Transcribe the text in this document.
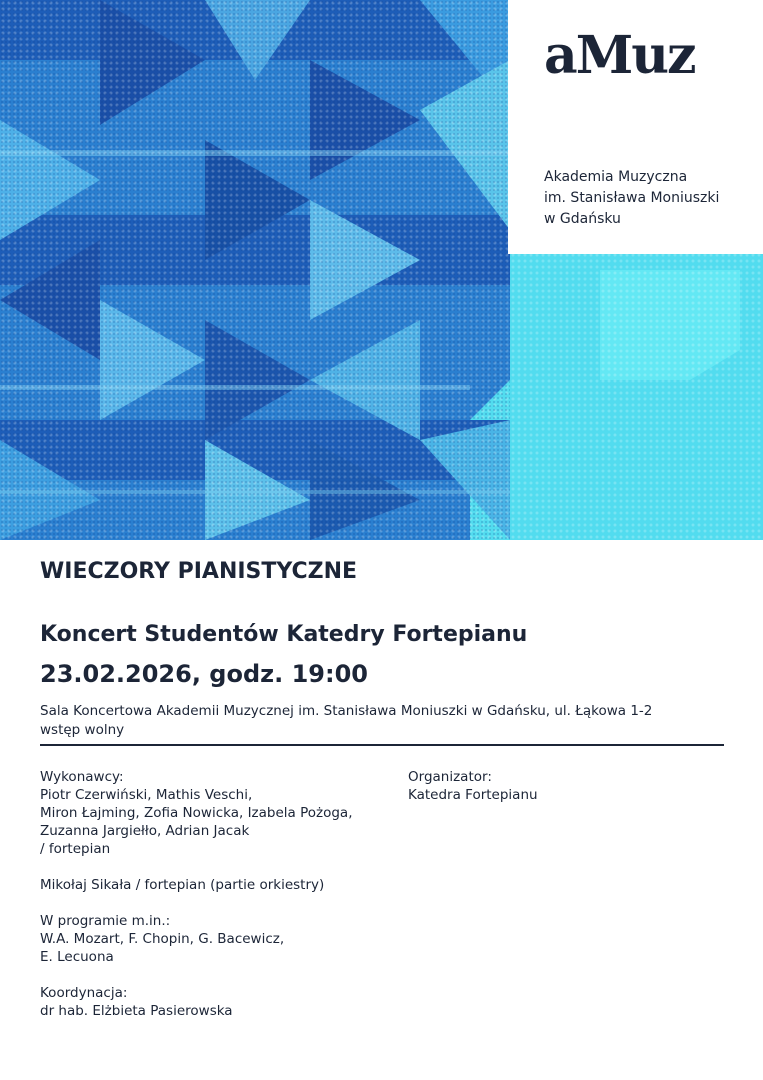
aMuz
Akademia Muzyczna
im. Stanisława Moniuszki
w Gdańsku
WIECZORY PIANISTYCZNE
Koncert Studentów Katedry Fortepianu
23.02.2026, godz. 19:00
Sala Koncertowa Akademii Muzycznej im. Stanisława Moniuszki w Gdańsku, ul. Łąkowa 1-2
wstęp wolny
Wykonawcy:
Piotr Czerwiński, Mathis Veschi,
Miron Łajming, Zofia Nowicka, Izabela Pożoga,
Zuzanna Jargiełło, Adrian Jacak
/ fortepian
Mikołaj Sikała / fortepian (partie orkiestry)
W programie m.in.:
W.A. Mozart, F. Chopin, G. Bacewicz,
E. Lecuona
Koordynacja:
dr hab. Elżbieta Pasierowska
Organizator:
Katedra Fortepianu
